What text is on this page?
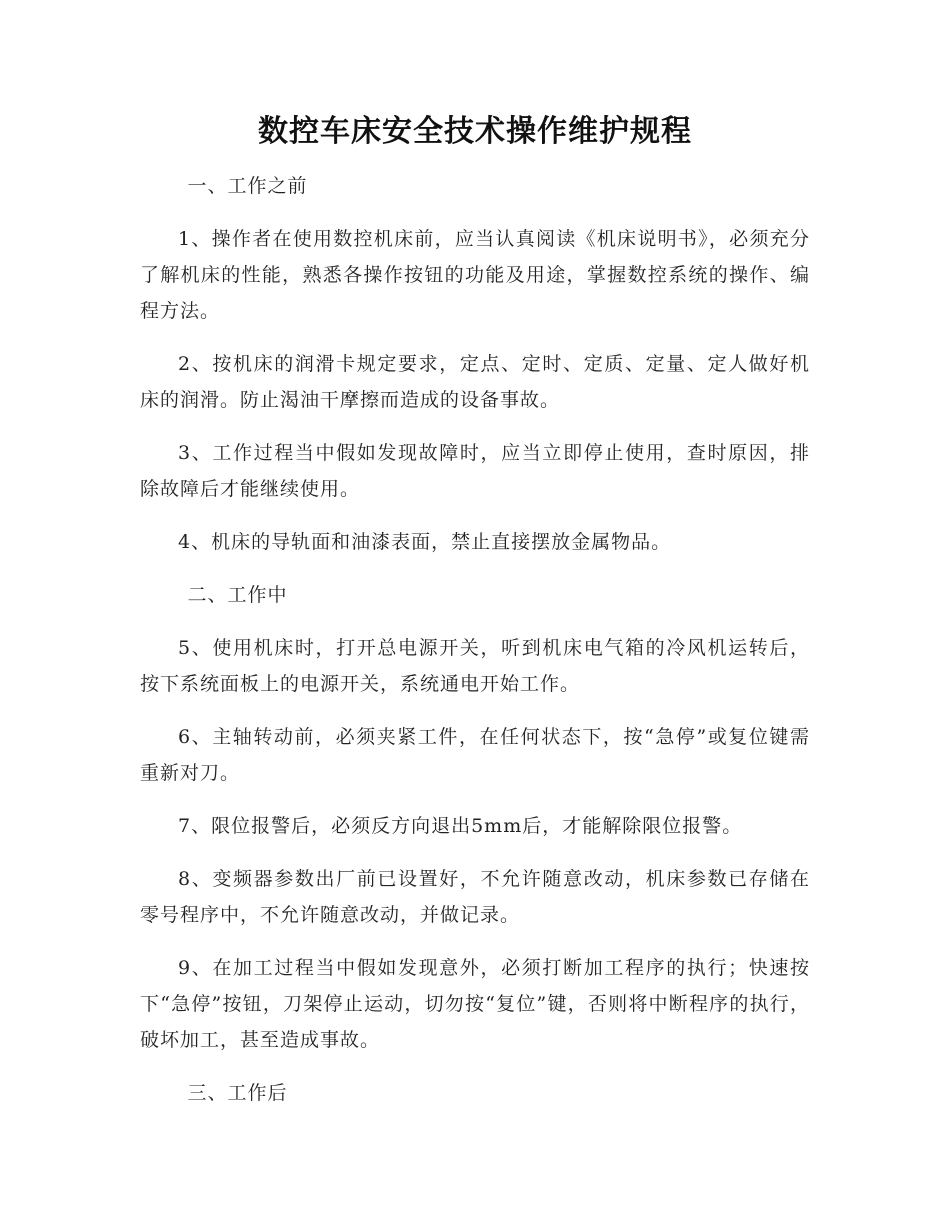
数控车床安全技术操作维护规程

一、工作之前

1、操作者在使用数控机床前，应当认真阅读《机床说明书》，必须充分了解机床的性能，熟悉各操作按钮的功能及用途，掌握数控系统的操作、编程方法。

2、按机床的润滑卡规定要求，定点、定时、定质、定量、定人做好机床的润滑。防止渴油干摩擦而造成的设备事故。

3、工作过程当中假如发现故障时，应当立即停止使用，查时原因，排除故障后才能继续使用。

4、机床的导轨面和油漆表面，禁止直接摆放金属物品。

二、工作中

5、使用机床时，打开总电源开关，听到机床电气箱的冷风机运转后，按下系统面板上的电源开关，系统通电开始工作。

6、主轴转动前，必须夹紧工件，在任何状态下，按“急停”或复位键需重新对刀。

7、限位报警后，必须反方向退出5mm后，才能解除限位报警。

8、变频器参数出厂前已设置好，不允许随意改动，机床参数已存储在零号程序中，不允许随意改动，并做记录。

9、在加工过程当中假如发现意外，必须打断加工程序的执行；快速按下“急停”按钮，刀架停止运动，切勿按“复位”键，否则将中断程序的执行，破坏加工，甚至造成事故。

三、工作后
